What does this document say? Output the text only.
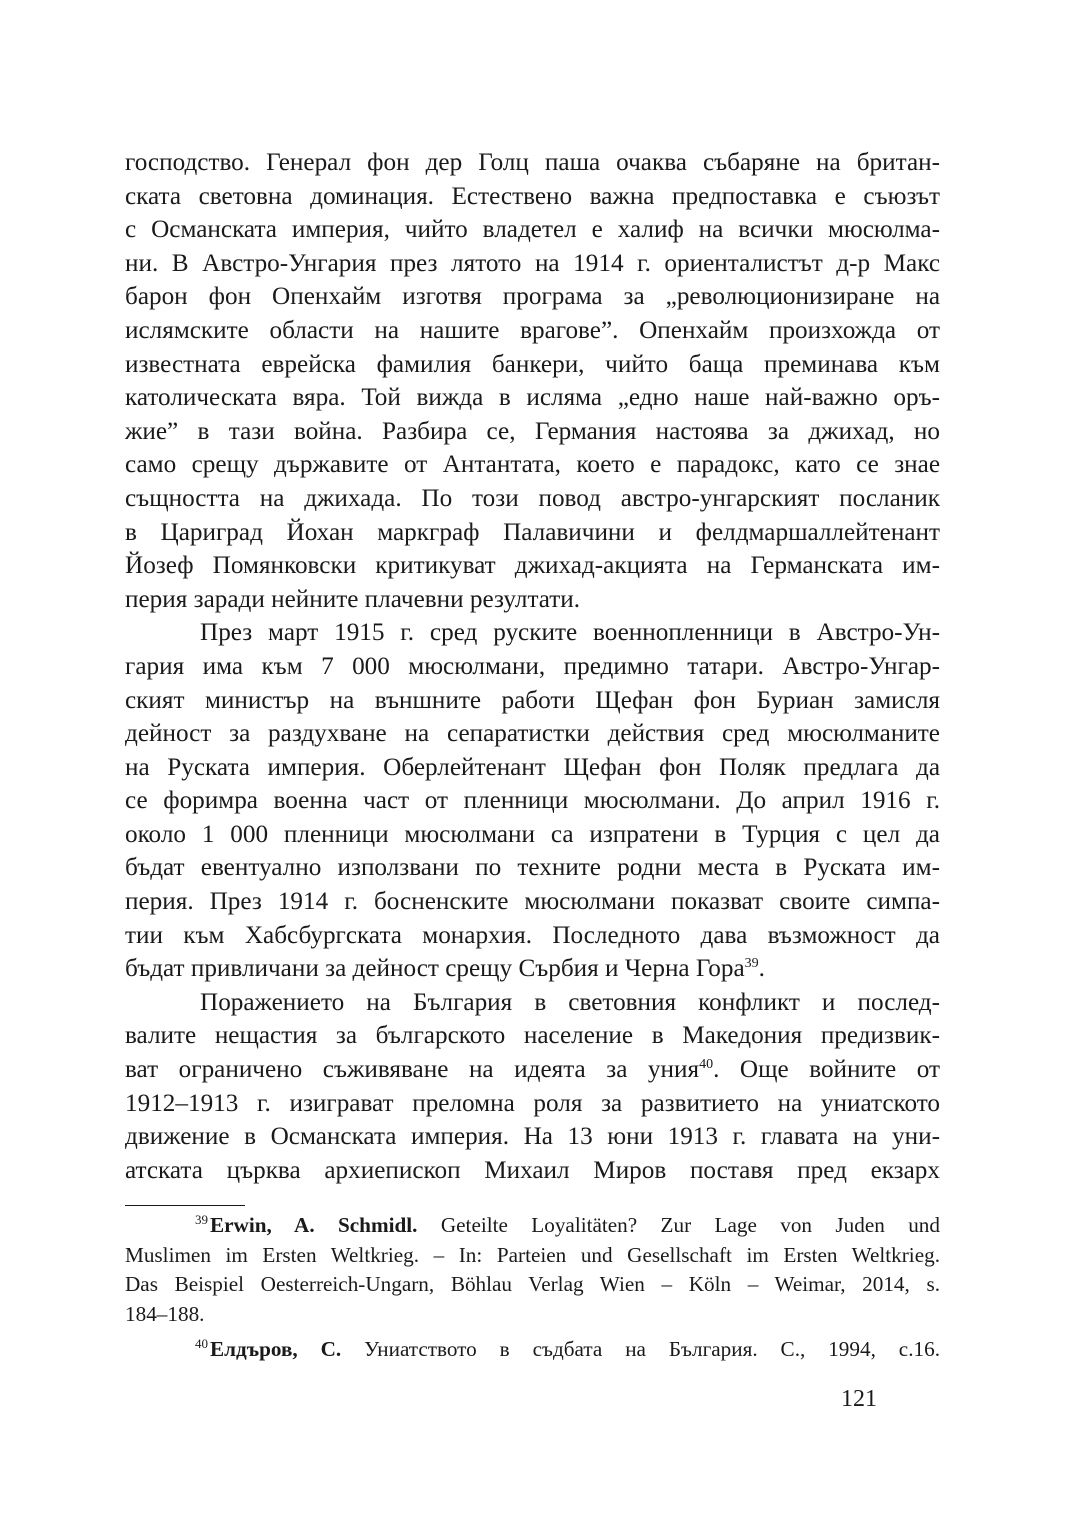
господство. Генерал фон дер Голц паша очаква събаряне на британ-
ската световна доминация. Естествено важна предпоставка е съюзът
с Османската империя, чийто владетел е халиф на всички мюсюлма-
ни. В Австро-Унгария през лятото на 1914 г. ориенталистът д-р Макс
барон фон Опенхайм изготвя програма за „революционизиране на
ислямските области на нашите врагове”. Опенхайм произхожда от
известната еврейска фамилия банкери, чийто баща преминава към
католическата вяра. Той вижда в исляма „едно наше най-важно оръ-
жие” в тази война. Разбира се, Германия настоява за джихад, но
само срещу държавите от Антантата, което е парадокс, като се знае
същността на джихада. По този повод австро-унгарският посланик
в Цариград Йохан маркграф Палавичини и фелдмаршаллейтенант
Йозеф Помянковски критикуват джихад-акцията на Германската им-
перия заради нейните плачевни резултати.

През март 1915 г. сред руските военнопленници в Австро-Ун-
гария има към 7 000 мюсюлмани, предимно татари. Австро-Унгар-
ският министър на външните работи Щефан фон Буриан замисля
дейност за раздухване на сепаратистки действия сред мюсюлманите
на Руската империя. Оберлейтенант Щефан фон Поляк предлага да
се форимра военна част от пленници мюсюлмани. До април 1916 г.
около 1 000 пленници мюсюлмани са изпратени в Турция с цел да
бъдат евентуално използвани по техните родни места в Руската им-
перия. През 1914 г. босненските мюсюлмани показват своите симпа-
тии към Хабсбургската монархия. Последното дава възможност да
бъдат привличани за дейност срещу Сърбия и Черна Гора$^{39}$.

Поражението на България в световния конфликт и послед-
валите нещастия за българското население в Македония предизвик-
ват ограничено съживяване на идеята за уния$^{40}$. Още войните от
1912–1913 г. изиграват преломна роля за развитието на униатското
движение в Османската империя. На 13 юни 1913 г. главата на уни-
атската църква архиепископ Михаил Миров поставя пред екзарх

$^{39}$Erwin, A. Schmidl. Geteilte Loyalitäten? Zur Lage von Juden und
Muslimen im Ersten Weltkrieg. – In: Parteien und Gesellschaft im Ersten Weltkrieg.
Das Beispiel Oesterreich-Ungarn, Böhlau Verlag Wien – Köln – Weimar, 2014, s.
184–188.
$^{40}$Елдъров, С. Униатството в съдбата на България. С., 1994, с.16.
121
